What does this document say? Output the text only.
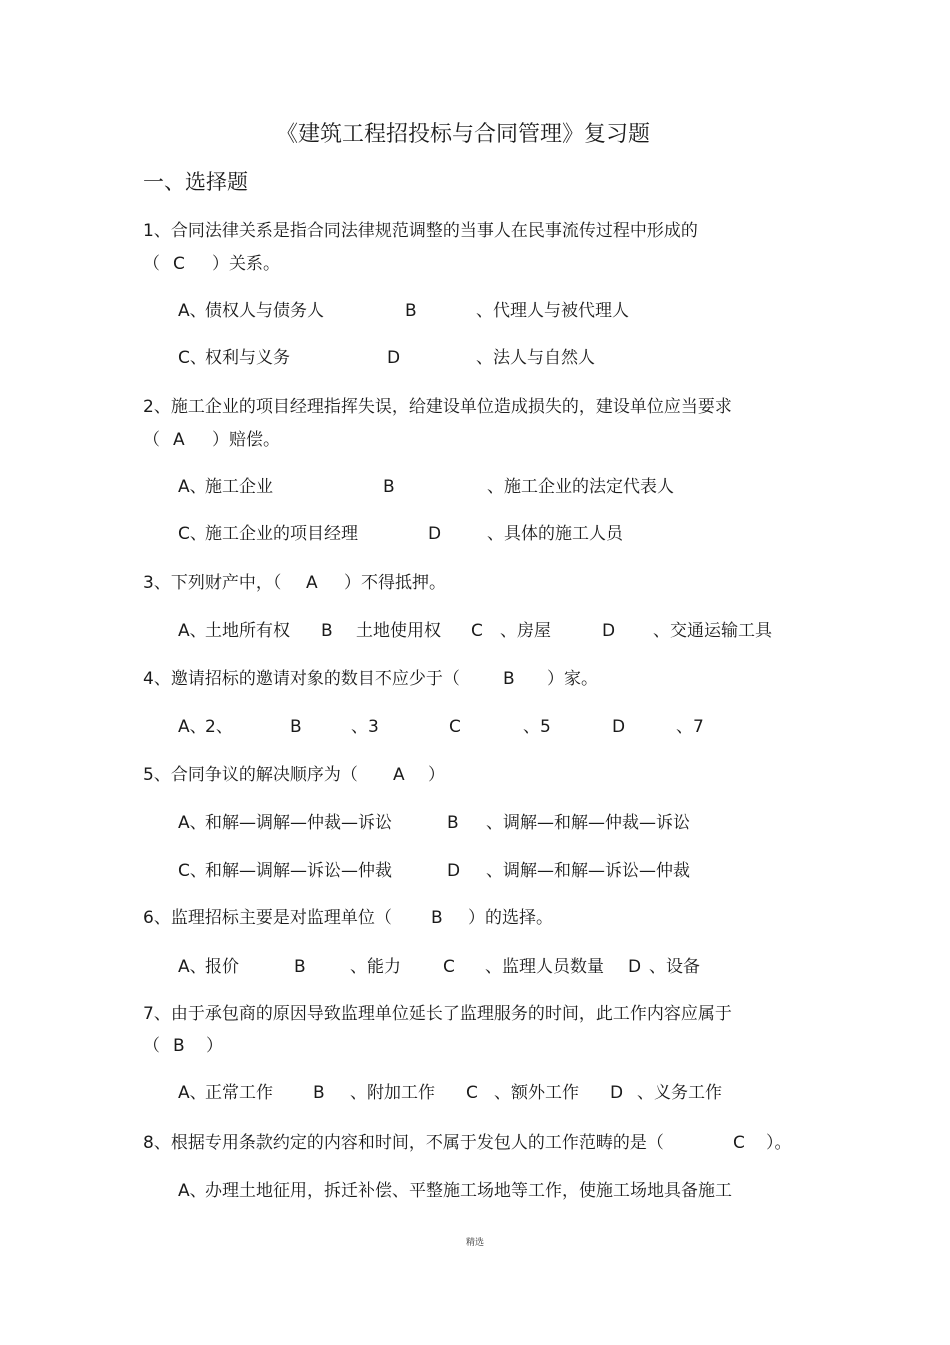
《建筑工程招投标与合同管理》复习题
一、选择题
1、合同法律关系是指合同法律规范调整的当事人在民事流传过程中形成的
（ C ）关系。
A、
债权人与债务人	B	、代理人与被代理人
C、
权利与义务	D	、法人与自然人
2、施工企业的项目经理指挥失误，给建设单位造成损失的，建设单位应当要求
（ A ）赔偿。
A、
施工企业	B	、施工企业的法定代表人
C、
施工企业的项目经理	D	、具体的施工人员
3、下列财产中，（ A ）不得抵押。
A、
土地所有权 B 土地使用权 C 、房屋	D 、交通运输工具
4、邀请招标的邀请对象的数目不应少于（	B ）家。
A、
2、	B	、3	C	、5	D	、7
5、合同争议的解决顺序为（ A ）
A、
和解—调解—仲裁—诉讼	B 、调解—和解—仲裁—诉讼
C、
和解—调解—诉讼—仲裁	D 、调解—和解—诉讼—仲裁
6、监理招标主要是对监理单位（ B ）的选择。
A、
报价	B	、能力 C 、监理人员数量 D 、设备
7、由于承包商的原因导致监理单位延长了监理服务的时间，此工作内容应属于
（ B ）
A、
正常工作 B 、附加工作 C 、额外工作 D 、义务工作
8、根据专用条款约定的内容和时间，不属于发包人的工作范畴的是（	C ）。
A、
办理土地征用，拆迁补偿、平整施工场地等工作，使施工场地具备施工
精选
